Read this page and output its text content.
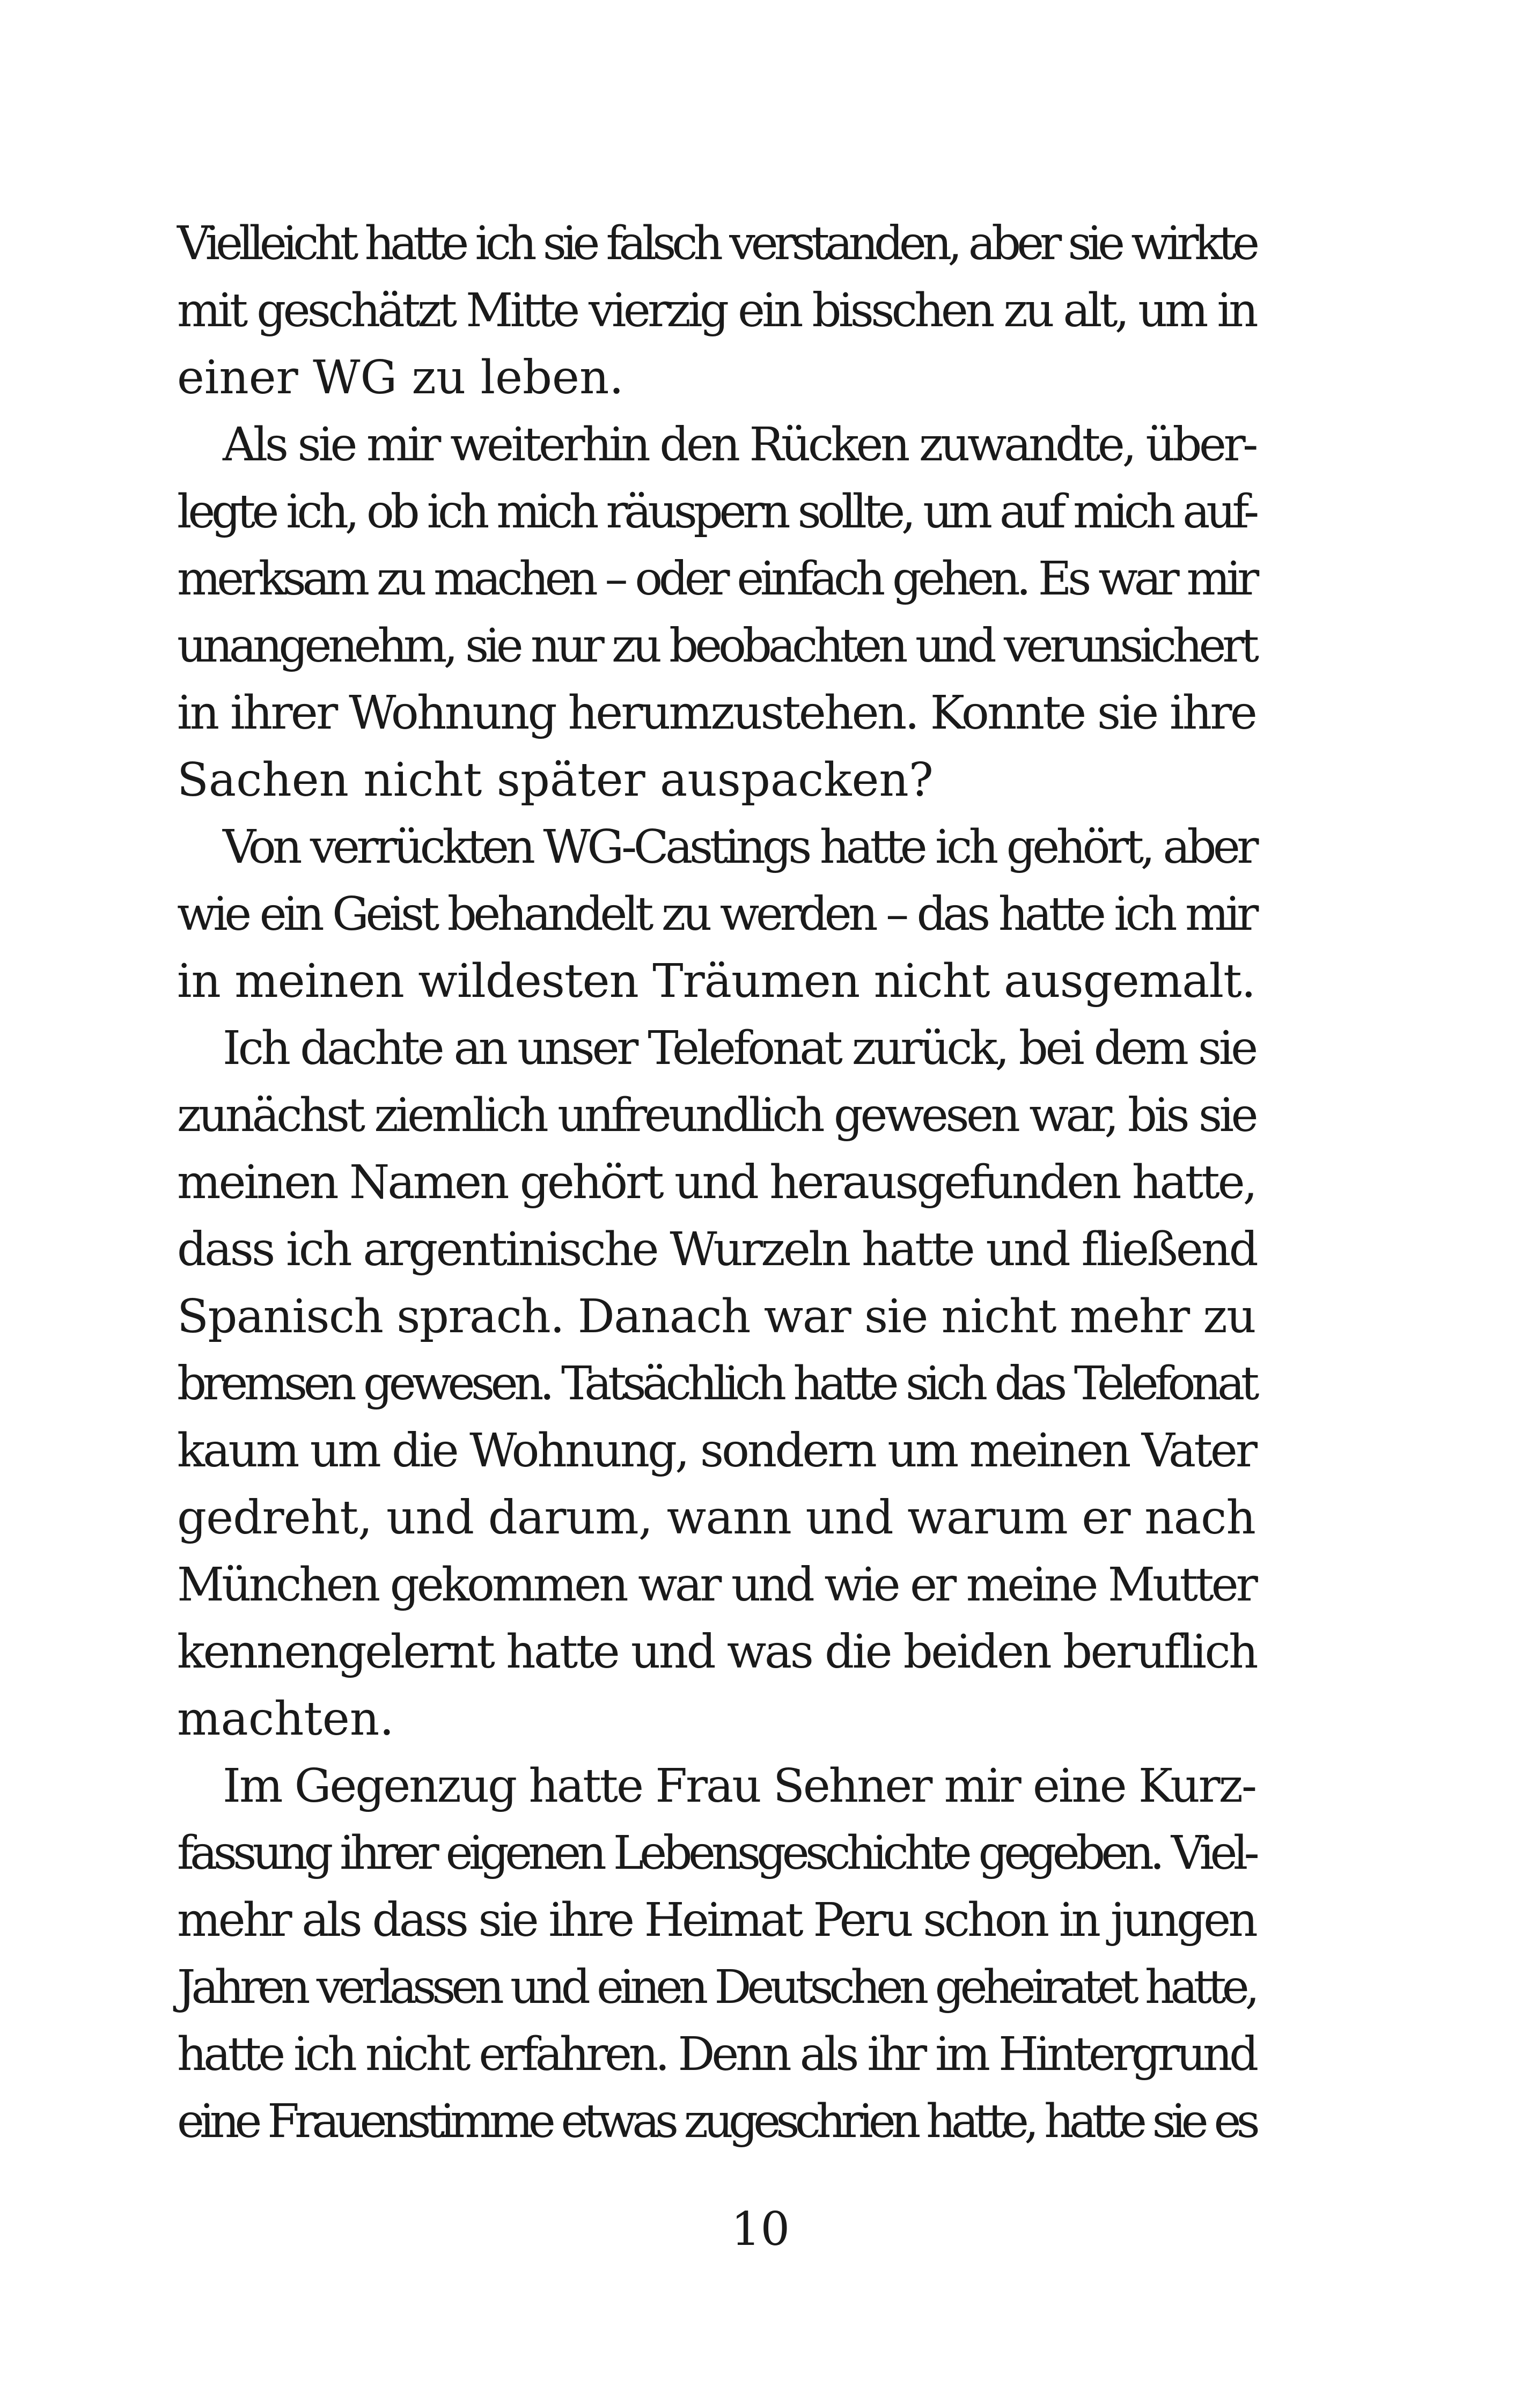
Vielleicht hatte ich sie falsch verstanden, aber sie wirkte
mit geschätzt Mitte vierzig ein bisschen zu alt, um in
einer WG zu leben.
Als sie mir weiterhin den Rücken zuwandte, über-
legte ich, ob ich mich räuspern sollte, um auf mich auf-
merksam zu machen – oder einfach gehen. Es war mir
unangenehm, sie nur zu beobachten und verunsichert
in ihrer Wohnung herumzustehen. Konnte sie ihre
Sachen nicht später auspacken?
Von verrückten WG-Castings hatte ich gehört, aber
wie ein Geist behandelt zu werden – das hatte ich mir
in meinen wildesten Träumen nicht ausgemalt.
Ich dachte an unser Telefonat zurück, bei dem sie
zunächst ziemlich unfreundlich gewesen war, bis sie
meinen Namen gehört und herausgefunden hatte,
dass ich argentinische Wurzeln hatte und fließend
Spanisch sprach. Danach war sie nicht mehr zu
bremsen gewesen. Tatsächlich hatte sich das Telefonat
kaum um die Wohnung, sondern um meinen Vater
gedreht, und darum, wann und warum er nach
München gekommen war und wie er meine Mutter
kennengelernt hatte und was die beiden beruflich
machten.
Im Gegenzug hatte Frau Sehner mir eine Kurz-
fassung ihrer eigenen Lebensgeschichte gegeben. Viel-
mehr als dass sie ihre Heimat Peru schon in jungen
Jahren verlassen und einen Deutschen geheiratet hatte,
hatte ich nicht erfahren. Denn als ihr im Hintergrund
eine Frauenstimme etwas zugeschrien hatte, hatte sie es
10
